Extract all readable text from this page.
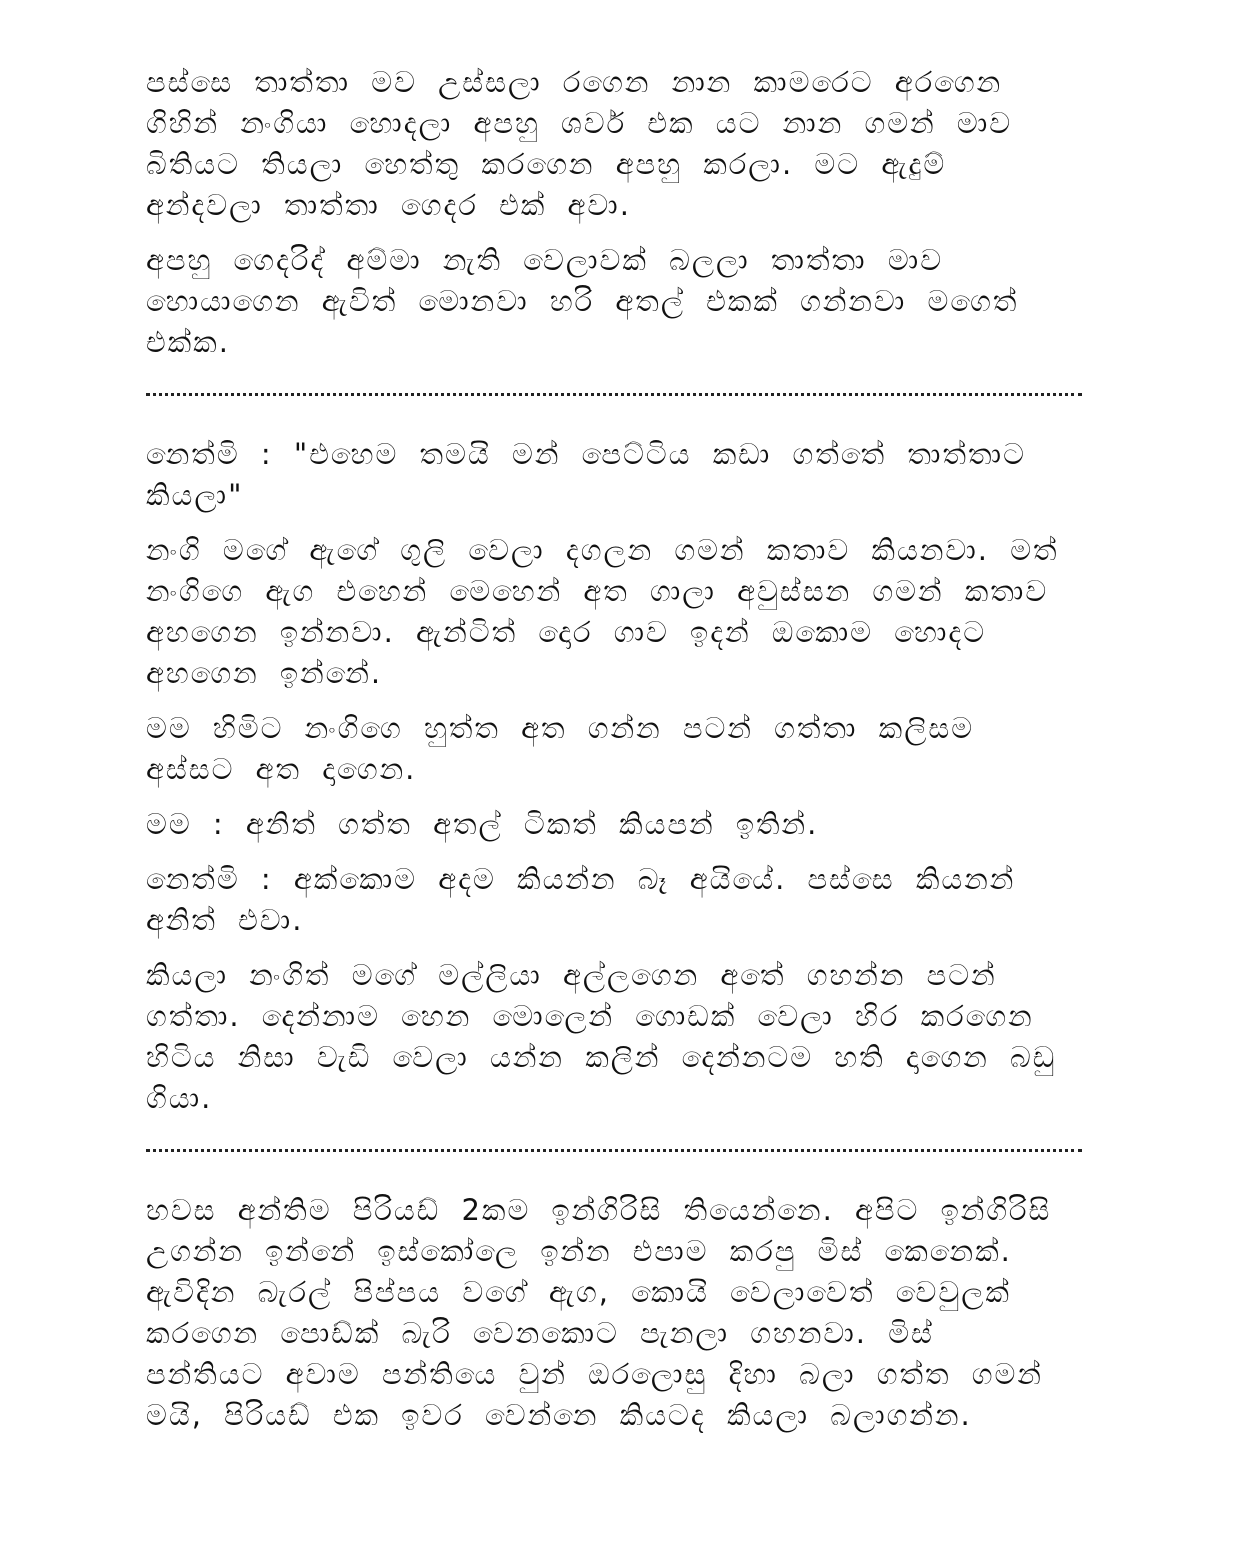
පස්සෙ තාත්තා මව උස්සලා රගෙන නාන කාමරෙට අරගෙන
ගිහින් නංගියා හොදලා අපහු ශවර් එක යට නාන ගමන් මාව
බිතියට තියලා හෙත්තු කරගෙන අපහු කරලා. මට ඇදුම්
අන්දවලා තාත්තා ගෙදර එක් අවා.
අපහු ගෙදරිද් අම්මා නැති වෙලාවක් බලලා තාත්තා මාව
හොයාගෙන ඇවිත් මොනවා හරි අතල් එකක් ගන්නවා මගෙත්
එක්ක.
නෙත්මි : "එහෙම තමයි මන් පෙට්ටිය කඩා ගත්තේ තාත්තාට
කියලා"
නංගි මගේ ඇගේ ගුලි වෙලා දගලන ගමන් කතාව කියනවා. මත්
නංගිගෙ ඇග එහෙන් මෙහෙන් අත ගාලා අවුස්සන ගමන් කතාව
අහගෙන ඉන්නවා. ඇන්ටිත් දොර ගාව ඉදන් ඔකොම හොදට
අහගෙන ඉන්නේ.
මම හිමිට නංගිගෙ හුත්ත අත ගන්න පටන් ගත්තා කලිසම
අස්සට අත දාගෙන.
මම : අනිත් ගත්ත අතල් ටිකත් කියපන් ඉතින්.
නෙත්මි : අක්කොම අදම කියන්න බෑ අයියේ. පස්සෙ කියනන්
අනිත් එවා.
කියලා නංගිත් මගේ මල්ලියා අල්ලගෙන අතේ ගහන්න පටන්
ගත්තා. දෙන්නාම හෙන මොලෙන් ගොඩක් වෙලා හිර කරගෙන
හිටිය නිසා වැඩි වෙලා යන්න කලින් දෙන්නටම හති දාගෙන බඩු
ගියා.
හවස අන්තිම පිරියඩ් 2කම ඉන්ගිරිසි තියෙන්නෙ. අපිට ඉන්ගිරිසි
උගන්න ඉන්නේ ඉස්කෝලෙ ඉන්න එපාම කරපු මිස් කෙනෙක්.
ඇවිදින බැරල් පිප්පය වගේ ඇග, කොයි වෙලාවෙත් වෙවුලක්
කරගෙන පොඩ්ක් බැරි වෙනකොට පැනලා ගහනවා. මිස්
පන්තියට අවාම පන්තියෙ වුන් ඔරලොසු දිහා බලා ගත්ත ගමන්
මයි, පිරියඩ් එක ඉවර වෙන්නෙ කියටද කියලා බලාගන්න.
